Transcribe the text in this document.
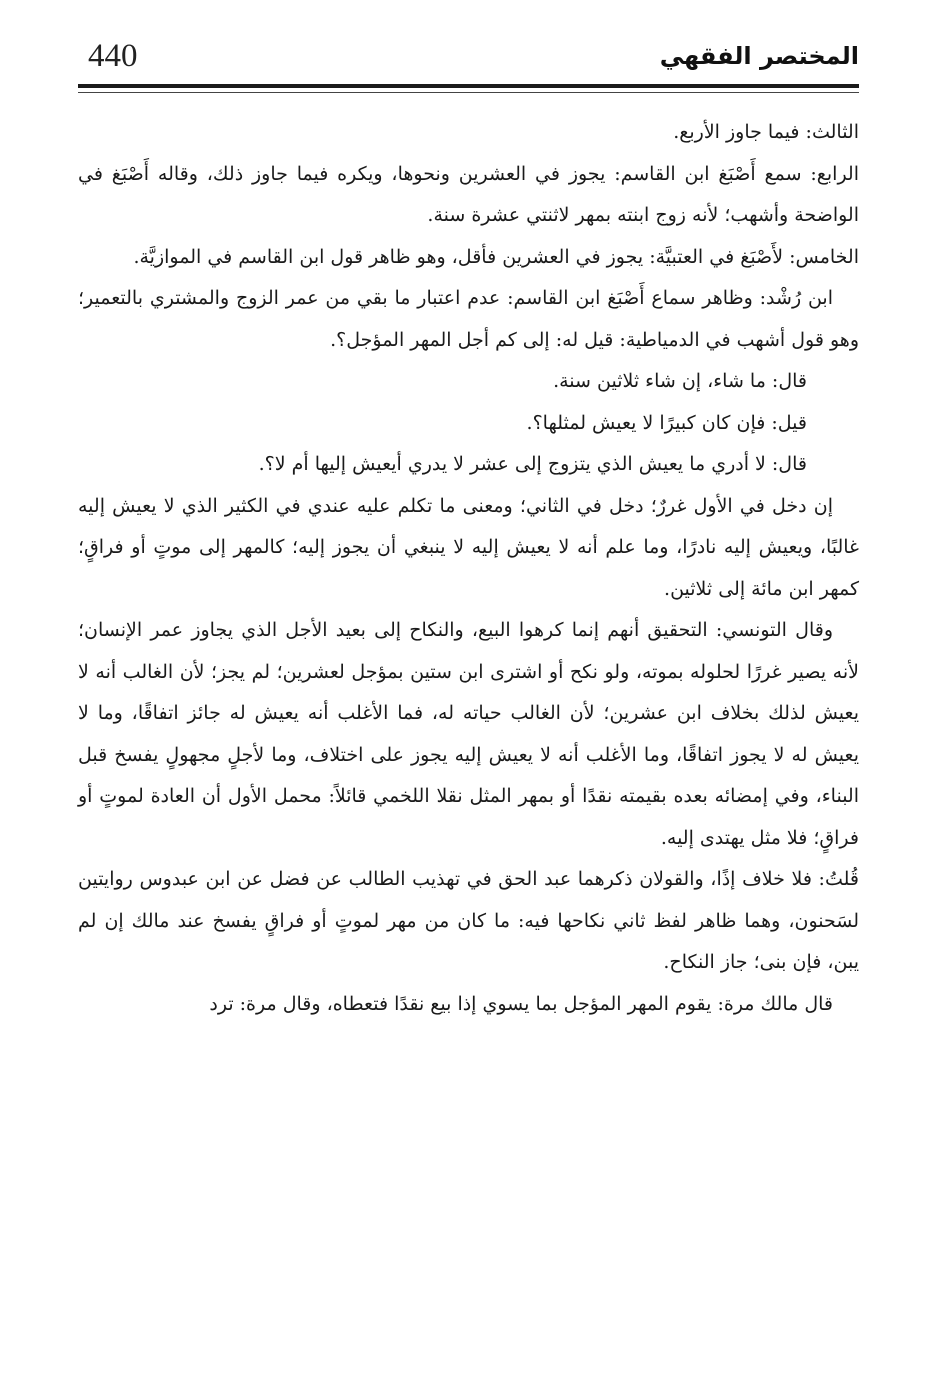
440	المختصر الفقهي

الثالث: فيما جاوز الأربع.

الرابع: سمع أَصْبَغ ابن القاسم: يجوز في العشرين ونحوها، ويكره فيما جاوز ذلك، وقاله أَصْبَغ في الواضحة وأشهب؛ لأنه زوج ابنته بمهر لاثنتي عشرة سنة.

الخامس: لأَصْبَغ في العتبيَّة: يجوز في العشرين فأقل، وهو ظاهر قول ابن القاسم في الموازيَّة.

ابن رُشْد: وظاهر سماع أَصْبَغ ابن القاسم: عدم اعتبار ما بقي من عمر الزوج والمشتري بالتعمير؛ وهو قول أشهب في الدمياطية: قيل له: إلى كم أجل المهر المؤجل؟.

قال: ما شاء، إن شاء ثلاثين سنة.

قيل: فإن كان كبيرًا لا يعيش لمثلها؟.

قال: لا أدري ما يعيش الذي يتزوج إلى عشر لا يدري أيعيش إليها أم لا؟.

إن دخل في الأول غررٌ؛ دخل في الثاني؛ ومعنى ما تكلم عليه عندي في الكثير الذي لا يعيش إليه غالبًا، ويعيش إليه نادرًا، وما علم أنه لا يعيش إليه لا ينبغي أن يجوز إليه؛ كالمهر إلى موتٍ أو فراقٍ؛ كمهر ابن مائة إلى ثلاثين.

وقال التونسي: التحقيق أنهم إنما كرهوا البيع، والنكاح إلى بعيد الأجل الذي يجاوز عمر الإنسان؛ لأنه يصير غررًا لحلوله بموته، ولو نكح أو اشترى ابن ستين بمؤجل لعشرين؛ لم يجز؛ لأن الغالب أنه لا يعيش لذلك بخلاف ابن عشرين؛ لأن الغالب حياته له، فما الأغلب أنه يعيش له جائز اتفاقًا، وما لا يعيش له لا يجوز اتفاقًا، وما الأغلب أنه لا يعيش إليه يجوز على اختلاف، وما لأجلٍ مجهولٍ يفسخ قبل البناء، وفي إمضائه بعده بقيمته نقدًا أو بمهر المثل نقلا اللخمي قائلاً: محمل الأول أن العادة لموتٍ أو فراقٍ؛ فلا مثل يهتدى إليه.

قُلتُ: فلا خلاف إذًا، والقولان ذكرهما عبد الحق في تهذيب الطالب عن فضل عن ابن عبدوس روايتين لسَحنون، وهما ظاهر لفظ ثاني نكاحها فيه: ما كان من مهر لموتٍ أو فراقٍ يفسخ عند مالك إن لم يبن، فإن بنى؛ جاز النكاح.

قال مالك مرة: يقوم المهر المؤجل بما يسوي إذا بيع نقدًا فتعطاه، وقال مرة: ترد
